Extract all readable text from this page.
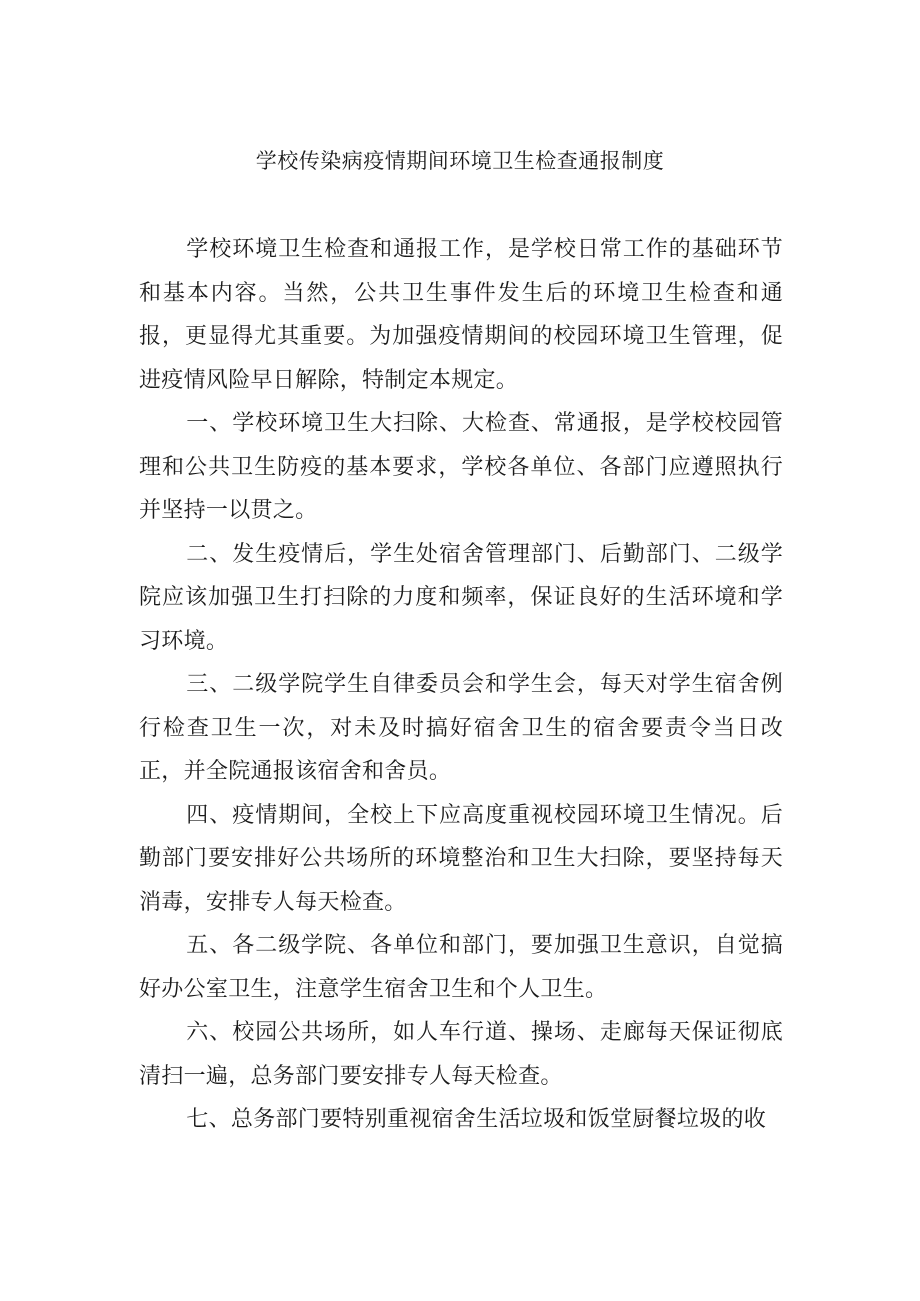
学校传染病疫情期间环境卫生检查通报制度

学校环境卫生检查和通报工作，是学校日常工作的基础环节和基本内容。当然，公共卫生事件发生后的环境卫生检查和通报，更显得尤其重要。为加强疫情期间的校园环境卫生管理，促进疫情风险早日解除，特制定本规定。

一、学校环境卫生大扫除、大检查、常通报，是学校校园管理和公共卫生防疫的基本要求，学校各单位、各部门应遵照执行并坚持一以贯之。

二、发生疫情后，学生处宿舍管理部门、后勤部门、二级学院应该加强卫生打扫除的力度和频率，保证良好的生活环境和学习环境。

三、二级学院学生自律委员会和学生会，每天对学生宿舍例行检查卫生一次，对未及时搞好宿舍卫生的宿舍要责令当日改正，并全院通报该宿舍和舍员。

四、疫情期间，全校上下应高度重视校园环境卫生情况。后勤部门要安排好公共场所的环境整治和卫生大扫除，要坚持每天消毒，安排专人每天检查。

五、各二级学院、各单位和部门，要加强卫生意识，自觉搞好办公室卫生，注意学生宿舍卫生和个人卫生。

六、校园公共场所，如人车行道、操场、走廊每天保证彻底清扫一遍，总务部门要安排专人每天检查。

七、总务部门要特别重视宿舍生活垃圾和饭堂厨餐垃圾的收
